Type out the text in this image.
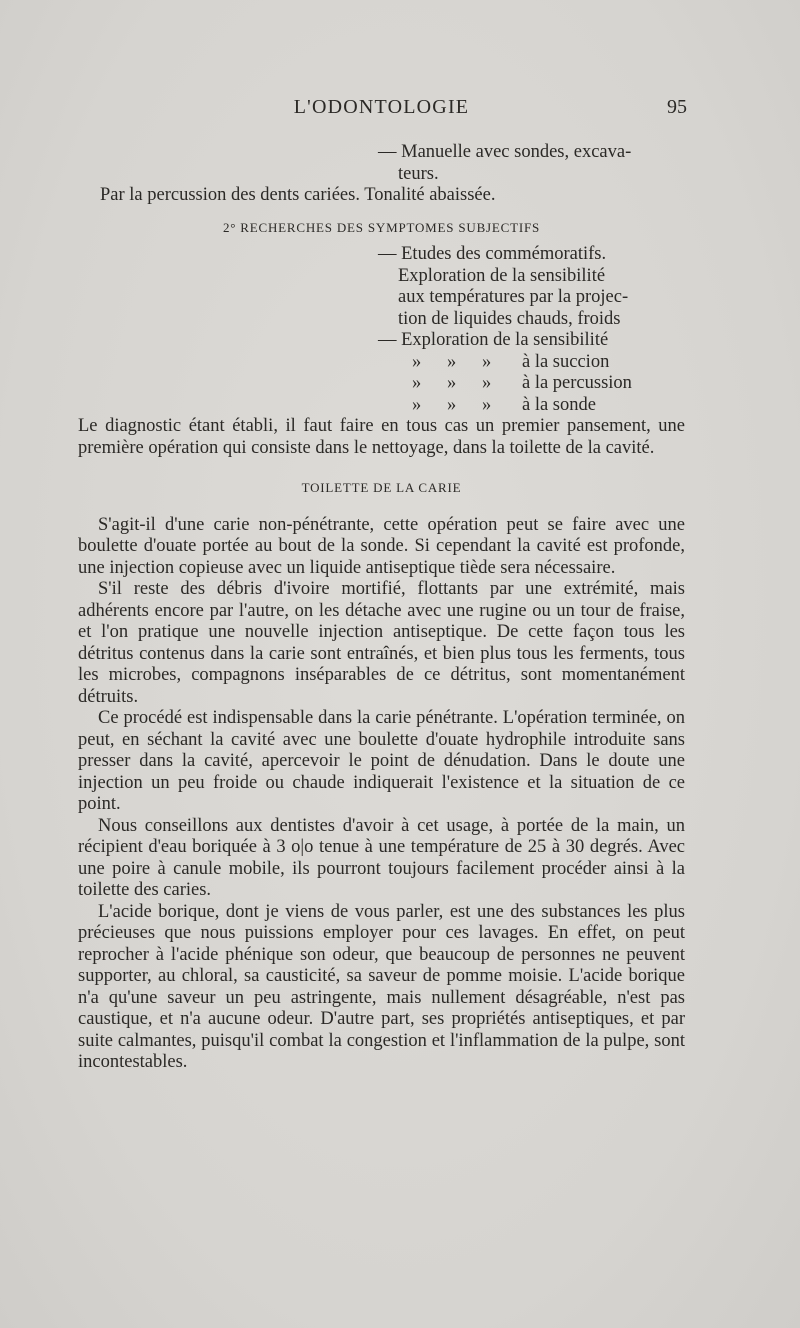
L'ODONTOLOGIE	95
— Manuelle avec sondes, excava-
teurs.
Par la percussion des dents cariées. Tonalité abaissée.
2° RECHERCHES DES SYMPTOMES SUBJECTIFS
— Etudes des commémoratifs.
Exploration de la sensibilité
aux températures par la projec-
tion de liquides chauds, froids
— Exploration de la sensibilité
»	»	»	à la succion
»	»	»	à la percussion
»	»	»	à la sonde

Le diagnostic étant établi, il faut faire en tous cas un premier pansement, une première opération qui consiste dans le nettoyage, dans la toilette de la cavité.

TOILETTE DE LA CARIE

S'agit-il d'une carie non-pénétrante, cette opération peut se faire avec une boulette d'ouate portée au bout de la sonde. Si cependant la cavité est profonde, une injection copieuse avec un liquide antiseptique tiède sera nécessaire.

S'il reste des débris d'ivoire mortifié, flottants par une extrémité, mais adhérents encore par l'autre, on les détache avec une rugine ou un tour de fraise, et l'on pratique une nouvelle injection antiseptique. De cette façon tous les détritus contenus dans la carie sont entraînés, et bien plus tous les ferments, tous les microbes, compagnons inséparables de ce détritus, sont momentanément détruits.

Ce procédé est indispensable dans la carie pénétrante. L'opération terminée, on peut, en séchant la cavité avec une boulette d'ouate hydrophile introduite sans presser dans la cavité, apercevoir le point de dénudation. Dans le doute une injection un peu froide ou chaude indiquerait l'existence et la situation de ce point.

Nous conseillons aux dentistes d'avoir à cet usage, à portée de la main, un récipient d'eau boriquée à 3 o|o tenue à une température de 25 à 30 degrés. Avec une poire à canule mobile, ils pourront toujours facilement procéder ainsi à la toilette des caries.

L'acide borique, dont je viens de vous parler, est une des substances les plus précieuses que nous puissions employer pour ces lavages. En effet, on peut reprocher à l'acide phénique son odeur, que beaucoup de personnes ne peuvent supporter, au chloral, sa causticité, sa saveur de pomme moisie. L'acide borique n'a qu'une saveur un peu astringente, mais nullement désagréable, n'est pas caustique, et n'a aucune odeur. D'autre part, ses propriétés antiseptiques, et par suite calmantes, puisqu'il combat la congestion et l'inflammation de la pulpe, sont incontestables.
